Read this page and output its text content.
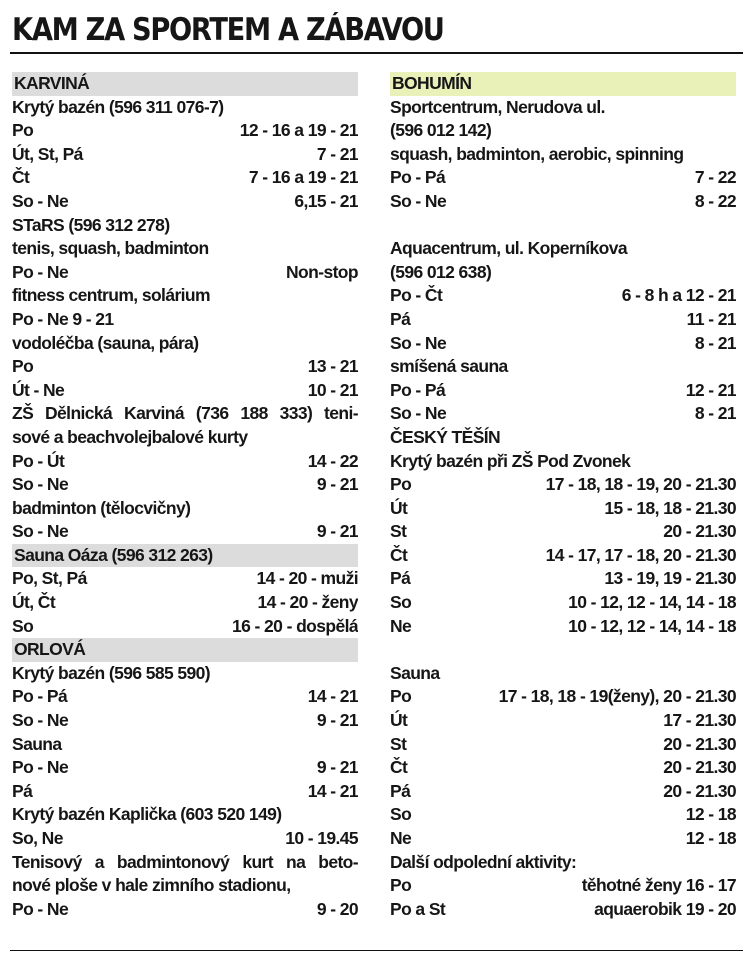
KAM ZA SPORTEM A ZÁBAVOU
KARVINÁ
Krytý bazén (596 311 076-7)
Po	12 - 16 a 19 - 21
Út, St, Pá	7 - 21
Čt	7 - 16 a 19 - 21
So - Ne	6,15 - 21
STaRS (596 312 278)
tenis, squash, badminton
Po - Ne	Non-stop
fitness centrum, solárium
Po - Ne 9 - 21
vodoléčba (sauna, pára)
Po	13 - 21
Út - Ne	10 - 21
ZŠ Dělnická Karviná (736 188 333) teni-
sové a beachvolejbalové kurty
Po - Út	14 - 22
So - Ne	9 - 21
badminton (tělocvičny)
So - Ne	9 - 21
Sauna Oáza (596 312 263)
Po, St, Pá	14 - 20 - muži
Út, Čt	14 - 20 - ženy
So	16 - 20 - dospělá
ORLOVÁ
Krytý bazén (596 585 590)
Po - Pá	14 - 21
So - Ne	9 - 21
Sauna
Po - Ne	9 - 21
Pá	14 - 21
Krytý bazén Kaplička (603 520 149)
So, Ne	10 - 19.45
Tenisový a badmintonový kurt na beto-
nové ploše v hale zimního stadionu,
Po - Ne	9 - 20
BOHUMÍN
Sportcentrum, Nerudova ul.
(596 012 142)
squash, badminton, aerobic, spinning
Po - Pá	7 - 22
So - Ne	8 - 22
Aquacentrum, ul. Koperníkova
(596 012 638)
Po - Čt	6 - 8 h a 12 - 21
Pá	11 - 21
So - Ne	8 - 21
smíšená sauna
Po - Pá	12 - 21
So - Ne	8 - 21
ČESKÝ TĚŠÍN
Krytý bazén při ZŠ Pod Zvonek
Po	17 - 18, 18 - 19, 20 - 21.30
Út	15 - 18, 18 - 21.30
St	20 - 21.30
Čt	14 - 17, 17 - 18, 20 - 21.30
Pá	13 - 19, 19 - 21.30
So	10 - 12, 12 - 14, 14 - 18
Ne	10 - 12, 12 - 14, 14 - 18
Sauna
Po	17 - 18, 18 - 19(ženy), 20 - 21.30
Út	17 - 21.30
St	20 - 21.30
Čt	20 - 21.30
Pá	20 - 21.30
So	12 - 18
Ne	12 - 18
Další odpolední aktivity:
Po	těhotné ženy 16 - 17
Po a St	aquaerobik 19 - 20
